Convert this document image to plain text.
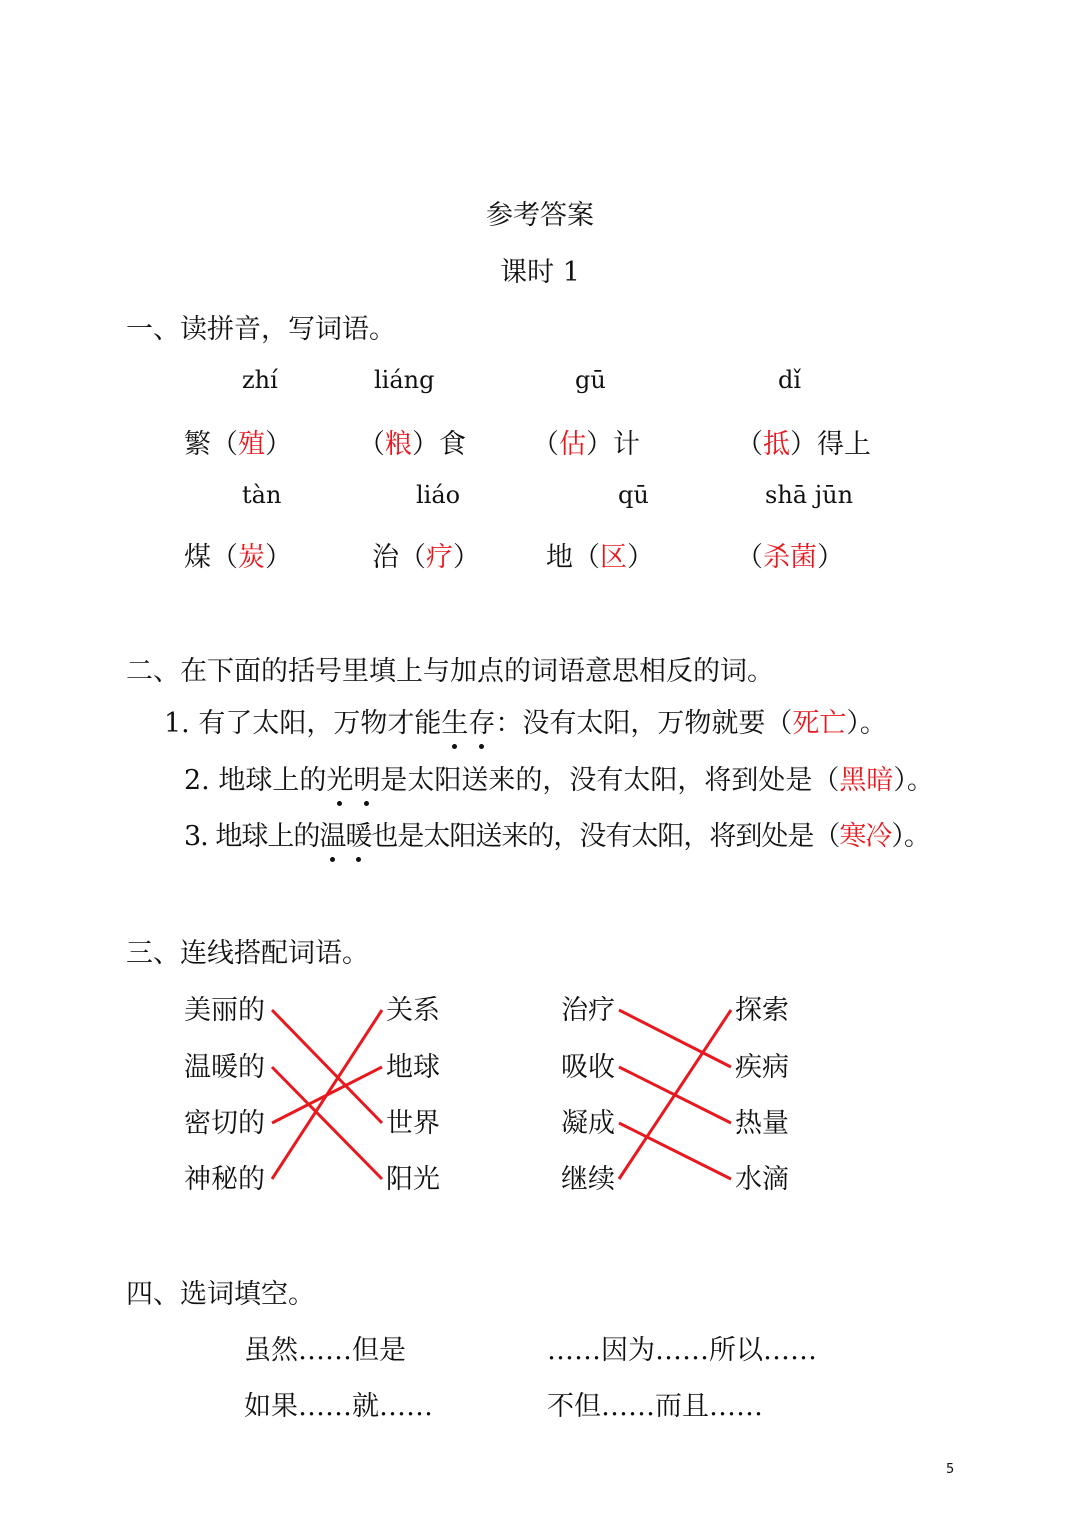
参考答案
课时 1
一、读拼音，写词语。
zhí	liáng	gū	dǐ
繁（殖） （粮）食 （估）计	（抵）得上
tàn	liáo	qū	shā jūn
煤（炭）	治（疗） 地（区）	（杀菌）
二、在下面的括号里填上与加点的词语意思相反的词。
1. 有了太阳，万物才能生存：没有太阳，万物就要（死亡）。
2. 地球上的光明是太阳送来的，没有太阳，将到处是（黑暗）。
3. 地球上的温暖也是太阳送来的，没有太阳，将到处是（寒冷）。
三、连线搭配词语。
美丽的
温暖的
密切的
神秘的
关系
地球
世界
阳光
治疗
吸收
凝成
继续
探索
疾病
热量
水滴
四、选词填空。
虽然……但是	……因为……所以……
如果……就……	不但……而且……
5
